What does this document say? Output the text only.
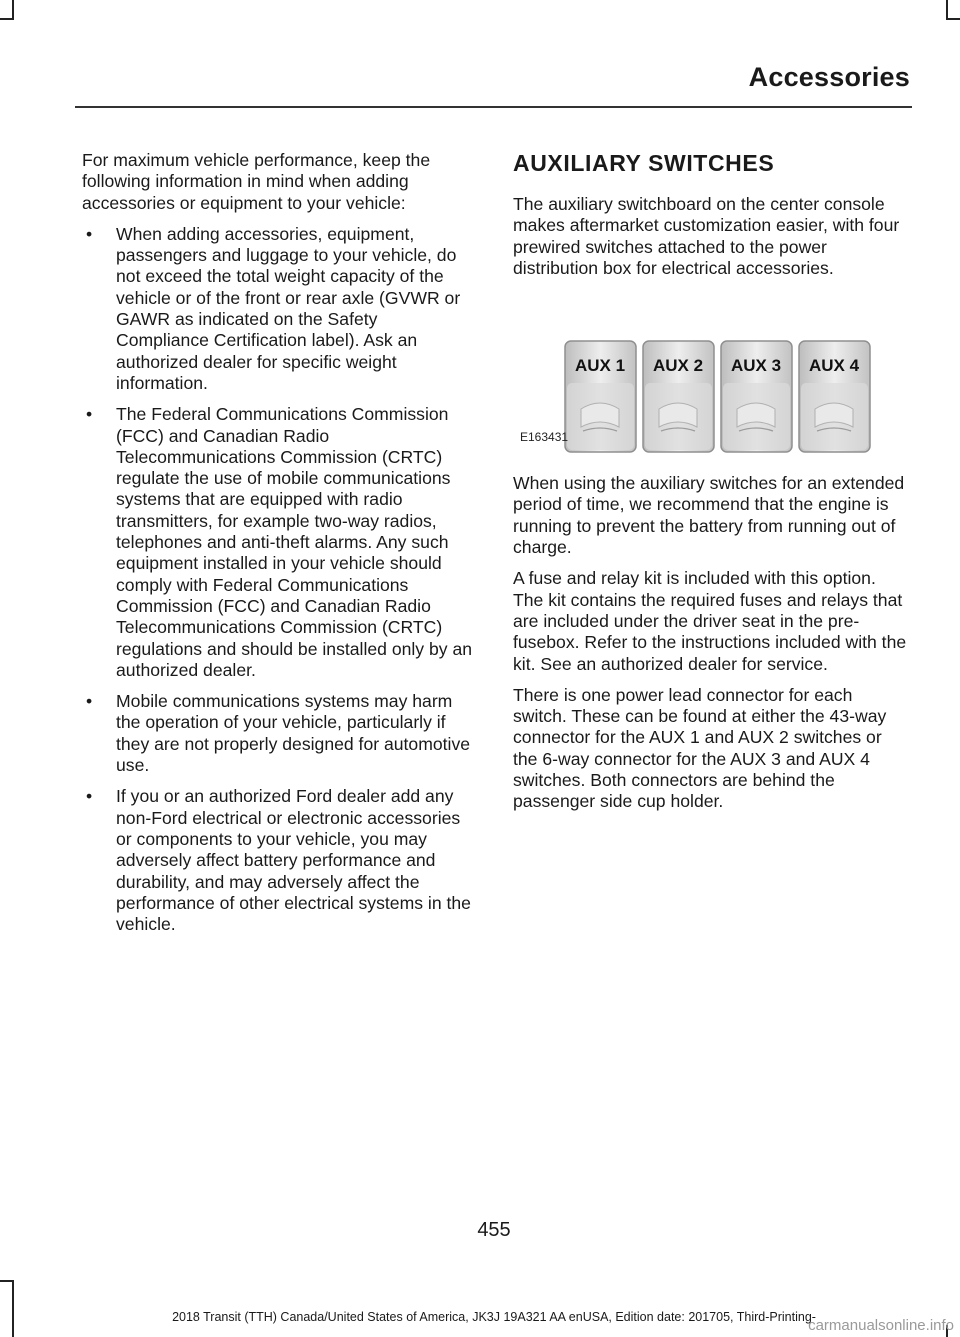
Accessories

For maximum vehicle performance, keep the following information in mind when adding accessories or equipment to your vehicle:

• When adding accessories, equipment, passengers and luggage to your vehicle, do not exceed the total weight capacity of the vehicle or of the front or rear axle (GVWR or GAWR as indicated on the Safety Compliance Certification label). Ask an authorized dealer for specific weight information.
• The Federal Communications Commission (FCC) and Canadian Radio Telecommunications Commission (CRTC) regulate the use of mobile communications systems that are equipped with radio transmitters, for example two-way radios, telephones and anti-theft alarms. Any such equipment installed in your vehicle should comply with Federal Communications Commission (FCC) and Canadian Radio Telecommunications Commission (CRTC) regulations and should be installed only by an authorized dealer.
• Mobile communications systems may harm the operation of your vehicle, particularly if they are not properly designed for automotive use.
• If you or an authorized Ford dealer add any non-Ford electrical or electronic accessories or components to your vehicle, you may adversely affect battery performance and durability, and may adversely affect the performance of other electrical systems in the vehicle.
AUXILIARY SWITCHES

The auxiliary switchboard on the center console makes aftermarket customization easier, with four prewired switches attached to the power distribution box for electrical accessories.

AUX 1 AUX 2 AUX 3 AUX 4
E163431

When using the auxiliary switches for an extended period of time, we recommend that the engine is running to prevent the battery from running out of charge.

A fuse and relay kit is included with this option. The kit contains the required fuses and relays that are included under the driver seat in the pre-fusebox. Refer to the instructions included with the kit. See an authorized dealer for service.

There is one power lead connector for each switch. These can be found at either the 43-way connector for the AUX 1 and AUX 2 switches or the 6-way connector for the AUX 3 and AUX 4 switches. Both connectors are behind the passenger side cup holder.

455
2018 Transit (TTH) Canada/United States of America, JK3J 19A321 AA enUSA, Edition date: 201705, Third-Printing-
carmanualsonline.info
